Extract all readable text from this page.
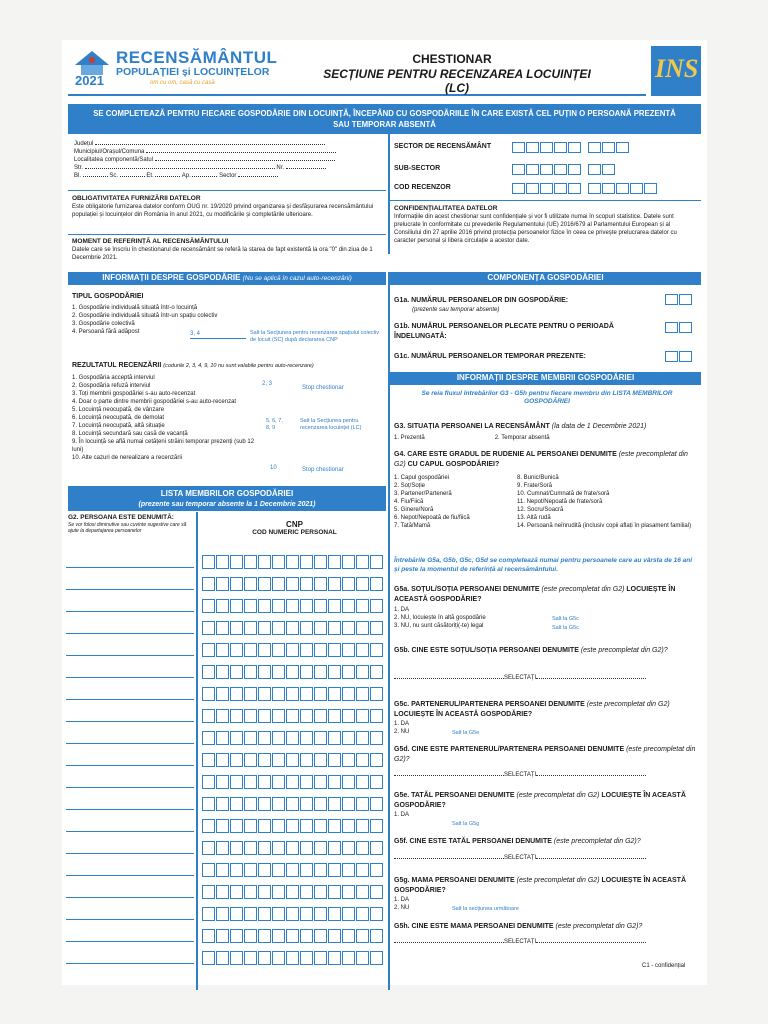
2021
RECENSĂMÂNTUL
POPULAȚIEI și LOCUINȚELOR
om cu om, casă cu casă
CHESTIONAR
SECȚIUNE PENTRU RECENZAREA LOCUINȚEI (LC)
INS
SE COMPLETEAZĂ PENTRU FIECARE GOSPODĂRIE DIN LOCUINȚĂ, ÎNCEPÂND CU GOSPODĂRIILE ÎN CARE EXISTĂ CEL PUȚIN O PERSOANĂ PREZENTĂ SAU TEMPORAR ABSENTĂ
Județul
Municipiul/Orașul/Comuna
Localitatea componentă/Satul
Str.	Nr.
Bl.	Sc.	Et.	Ap.	Sector
SECTOR DE RECENSĂMÂNT
SUB-SECTOR
COD RECENZOR
OBLIGATIVITATEA FURNIZĂRII DATELOR
Este obligatorie furnizarea datelor conform OUG nr. 19/2020 privind organizarea și desfășurarea recensământului populației și locuințelor din România în anul 2021, cu modificările și completările ulterioare.
MOMENT DE REFERINȚĂ AL RECENSĂMÂNTULUI
Datele care se înscriu în chestionarul de recensământ se referă la starea de fapt existentă la ora "0" din ziua de 1 Decembrie 2021.
CONFIDENȚIALITATEA DATELOR
Informațiile din acest chestionar sunt confidențiale și vor fi utilizate numai în scopuri statistice. Datele sunt prelucrate în conformitate cu prevederile Regulamentului (UE) 2016/679 al Parlamentului European și al Consiliului din 27 aprilie 2016 privind protecția persoanelor fizice în ceea ce privește prelucrarea datelor cu caracter personal și libera circulație a acestor date.
INFORMAȚII DESPRE GOSPODĂRIE (Nu se aplică în cazul auto-recenzării)
TIPUL GOSPODĂRIEI
1. Gospodărie individuală situată într-o locuință
2. Gospodărie individuală situată într-un spațiu colectiv
3. Gospodărie colectivă
4. Persoană fără adăpost	3, 4	Salt la Secțiunea pentru recenzarea spațiului colectiv de locuit (SC) după declararea CNP
REZULTATUL RECENZĂRII (codurile 2, 3, 4, 9, 10 nu sunt valabile pentru auto-recenzare)
1. Gospodăria acceptă interviul
2. Gospodăria refuză interviul
3. Toți membrii gospodăriei s-au auto-recenzat
4. Doar o parte dintre membrii gospodăriei s-au auto-recenzat
5. Locuință neocupată, de vânzare
6. Locuință neocupată, de demolat
7. Locuință neocupată, altă situație
8. Locuință secundară sau casă de vacanță
9. În locuință se află numai cetățeni străini temporar prezenți (sub 12 luni)
10. Alte cazuri de nerealizare a recenzării
2, 3
Stop chestionar
5, 6, 7, 8, 9
Salt la Secțiunea pentru recenzarea locuinței (LC)
10	Stop chestionar
LISTA MEMBRILOR GOSPODĂRIEI
(prezente sau temporar absente la 1 Decembrie 2021)
G2. PERSOANA ESTE DENUMITĂ:
Se vor folosi diminutive sau cuvinte sugestive care să ajute la departajarea persoanelor
CNP
COD NUMERIC PERSONAL
COMPONENȚA GOSPODĂRIEI
G1a. NUMĂRUL PERSOANELOR DIN GOSPODĂRIE:
(prezente sau temporar absente)
G1b. NUMĂRUL PERSOANELOR PLECATE PENTRU O PERIOADĂ ÎNDELUNGATĂ:
G1c. NUMĂRUL PERSOANELOR TEMPORAR PREZENTE:
INFORMAȚII DESPRE MEMBRII GOSPODĂRIEI
Se reia fluxul întrebărilor G3 - G5h pentru fiecare membru din LISTA MEMBRILOR GOSPODĂRIEI
G3. SITUAȚIA PERSOANEI LA RECENSĂMÂNT (la data de 1 Decembrie 2021)
1. Prezentă	2. Temporar absentă
G4. CARE ESTE GRADUL DE RUDENIE AL PERSOANEI DENUMITE (este precompletat din G2) CU CAPUL GOSPODĂRIEI?
1. Capul gospodăriei
2. Soț/Soție
3. Partener/Parteneră
4. Fiu/Fiică
5. Ginere/Noră
6. Nepot/Nepoată de fiu/fiică
7. Tată/Mamă
8. Bunic/Bunică
9. Frate/Soră
10. Cumnat/Cumnată de frate/soră
11. Nepot/Nepoată de frate/soră
12. Socru/Soacră
13. Altă rudă
14. Persoană neînrudită (inclusiv copii aflați în plasament familial)
Întrebările G5a, G5b, G5c, G5d se completează numai pentru persoanele care au vârsta de 16 ani și peste la momentul de referință al recensământului.
G5a. SOȚUL/SOȚIA PERSOANEI DENUMITE (este precompletat din G2) LOCUIEȘTE ÎN ACEASTĂ GOSPODĂRIE?
1. DA
2. NU, locuiește în altă gospodărie
3. NU, nu sunt căsătoriți(-te) legal
Salt la G5c
Salt la G5c
G5b. CINE ESTE SOȚUL/SOȚIA PERSOANEI DENUMITE (este precompletat din G2)?
SELECTAȚI
G5c. PARTENERUL/PARTENERA PERSOANEI DENUMITE (este precompletat din G2) LOCUIEȘTE ÎN ACEASTĂ GOSPODĂRIE?
1. DA
2. NU	Salt la G5e
G5d. CINE ESTE PARTENERUL/PARTENERA PERSOANEI DENUMITE (este precompletat din G2)?
SELECTAȚI
G5e. TATĂL PERSOANEI DENUMITE (este precompletat din G2) LOCUIEȘTE ÎN ACEASTĂ GOSPODĂRIE?
1. DA
Salt la G5g
G5f. CINE ESTE TATĂL PERSOANEI DENUMITE (este precompletat din G2)?
SELECTAȚI
G5g. MAMA PERSOANEI DENUMITE (este precompletat din G2) LOCUIEȘTE ÎN ACEASTĂ GOSPODĂRIE?
1. DA
2. NU	Salt la secțiunea următoare
G5h. CINE ESTE MAMA PERSOANEI DENUMITE (este precompletat din G2)?
SELECTAȚI
C1 - confidențial
